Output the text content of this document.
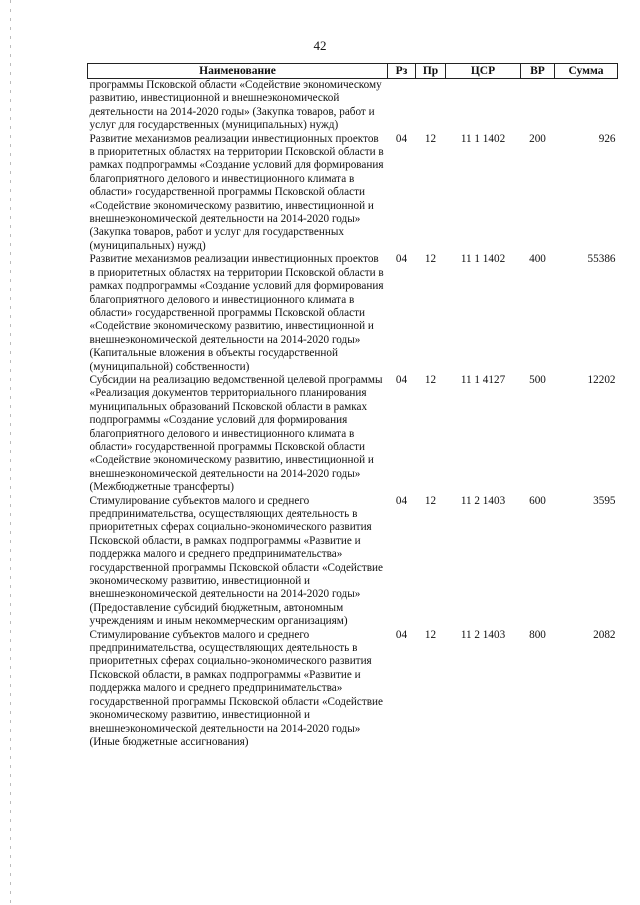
42
Наименование	Рз	Пр	ЦСР	ВР	Сумма
программы Псковской области «Содействие экономическому развитию, инвестиционной и внешнеэкономической деятельности на 2014-2020 годы» (Закупка товаров, работ и услуг для государственных (муниципальных) нужд)					
Развитие механизмов реализации инвестиционных проектов в приоритетных областях на территории Псковской области в рамках подпрограммы «Создание условий для формирования благоприятного делового и инвестиционного климата в области» государственной программы Псковской области «Содействие экономическому развитию, инвестиционной и внешнеэкономической деятельности на 2014-2020 годы» (Закупка товаров, работ и услуг для государственных (муниципальных) нужд)	04	12	11 1 1402	200	926
Развитие механизмов реализации инвестиционных проектов в приоритетных областях на территории Псковской области в рамках подпрограммы «Создание условий для формирования благоприятного делового и инвестиционного климата в области» государственной программы Псковской области «Содействие экономическому развитию, инвестиционной и внешнеэкономической деятельности на 2014-2020 годы» (Капитальные вложения в объекты государственной (муниципальной) собственности)	04	12	11 1 1402	400	55386
Субсидии на реализацию ведомственной целевой программы «Реализация документов территориального планирования муниципальных образований Псковской области в рамках подпрограммы «Создание условий для формирования благоприятного делового и инвестиционного климата в области» государственной программы Псковской области «Содействие экономическому развитию, инвестиционной и внешнеэкономической деятельности на 2014-2020 годы» (Межбюджетные трансферты)	04	12	11 1 4127	500	12202
Стимулирование субъектов малого и среднего предпринимательства, осуществляющих деятельность в приоритетных сферах социально-экономического развития Псковской области, в рамках подпрограммы «Развитие и поддержка малого и среднего предпринимательства» государственной программы Псковской области «Содействие экономическому развитию, инвестиционной и внешнеэкономической деятельности на 2014-2020 годы» (Предоставление субсидий бюджетным, автономным учреждениям и иным некоммерческим организациям)	04	12	11 2 1403	600	3595
Стимулирование субъектов малого и среднего предпринимательства, осуществляющих деятельность в приоритетных сферах социально-экономического развития Псковской области, в рамках подпрограммы «Развитие и поддержка малого и среднего предпринимательства» государственной программы Псковской области «Содействие экономическому развитию, инвестиционной и внешнеэкономической деятельности на 2014-2020 годы» (Иные бюджетные ассигнования)	04	12	11 2 1403	800	2082
